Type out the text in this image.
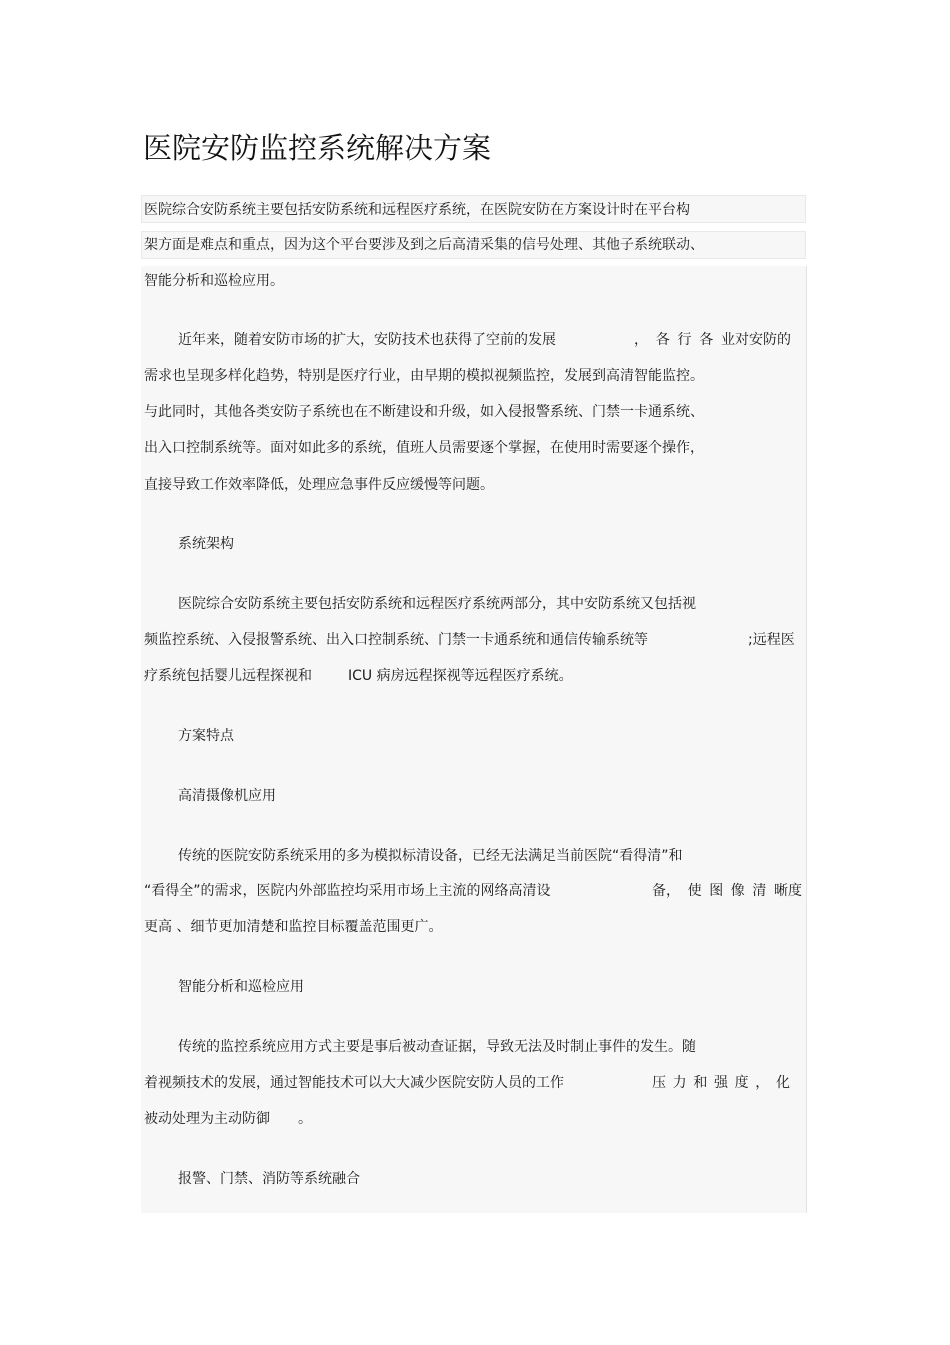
医院安防监控系统解决方案
医院综合安防系统主要包括安防系统和远程医疗系统，在医院安防在方案设计时在平台构
架方面是难点和重点，因为这个平台要涉及到之后高清采集的信号处理、其他子系统联动、
智能分析和巡检应用。
近年来，随着安防市场的扩大，安防技术也获得了空前的发展	， 各 行 各 业对安防的
需求也呈现多样化趋势，特别是医疗行业，由早期的模拟视频监控，发展到高清智能监控。
与此同时，其他各类安防子系统也在不断建设和升级，如入侵报警系统、门禁一卡通系统、
出入口控制系统等。面对如此多的系统，值班人员需要逐个掌握，在使用时需要逐个操作，
直接导致工作效率降低，处理应急事件反应缓慢等问题。
系统架构
医院综合安防系统主要包括安防系统和远程医疗系统两部分，其中安防系统又包括视
频监控系统、入侵报警系统、出入口控制系统、门禁一卡通系统和通信传输系统等	;远程医
疗系统包括婴儿远程探视和	ICU 病房远程探视等远程医疗系统。
方案特点
高清摄像机应用
传统的医院安防系统采用的多为模拟标清设备，已经无法满足当前医院“看得清”和
“看得全”的需求，医院内外部监控均采用市场上主流的网络高清设	备， 使 图 像 清 晰度
更高 、细节更加清楚和监控目标覆盖范围更广。
智能分析和巡检应用
传统的监控系统应用方式主要是事后被动查证据，导致无法及时制止事件的发生。随
着视频技术的发展，通过智能技术可以大大减少医院安防人员的工作	压 力 和 强 度 ， 化
被动处理为主动防御 。
报警、门禁、消防等系统融合
